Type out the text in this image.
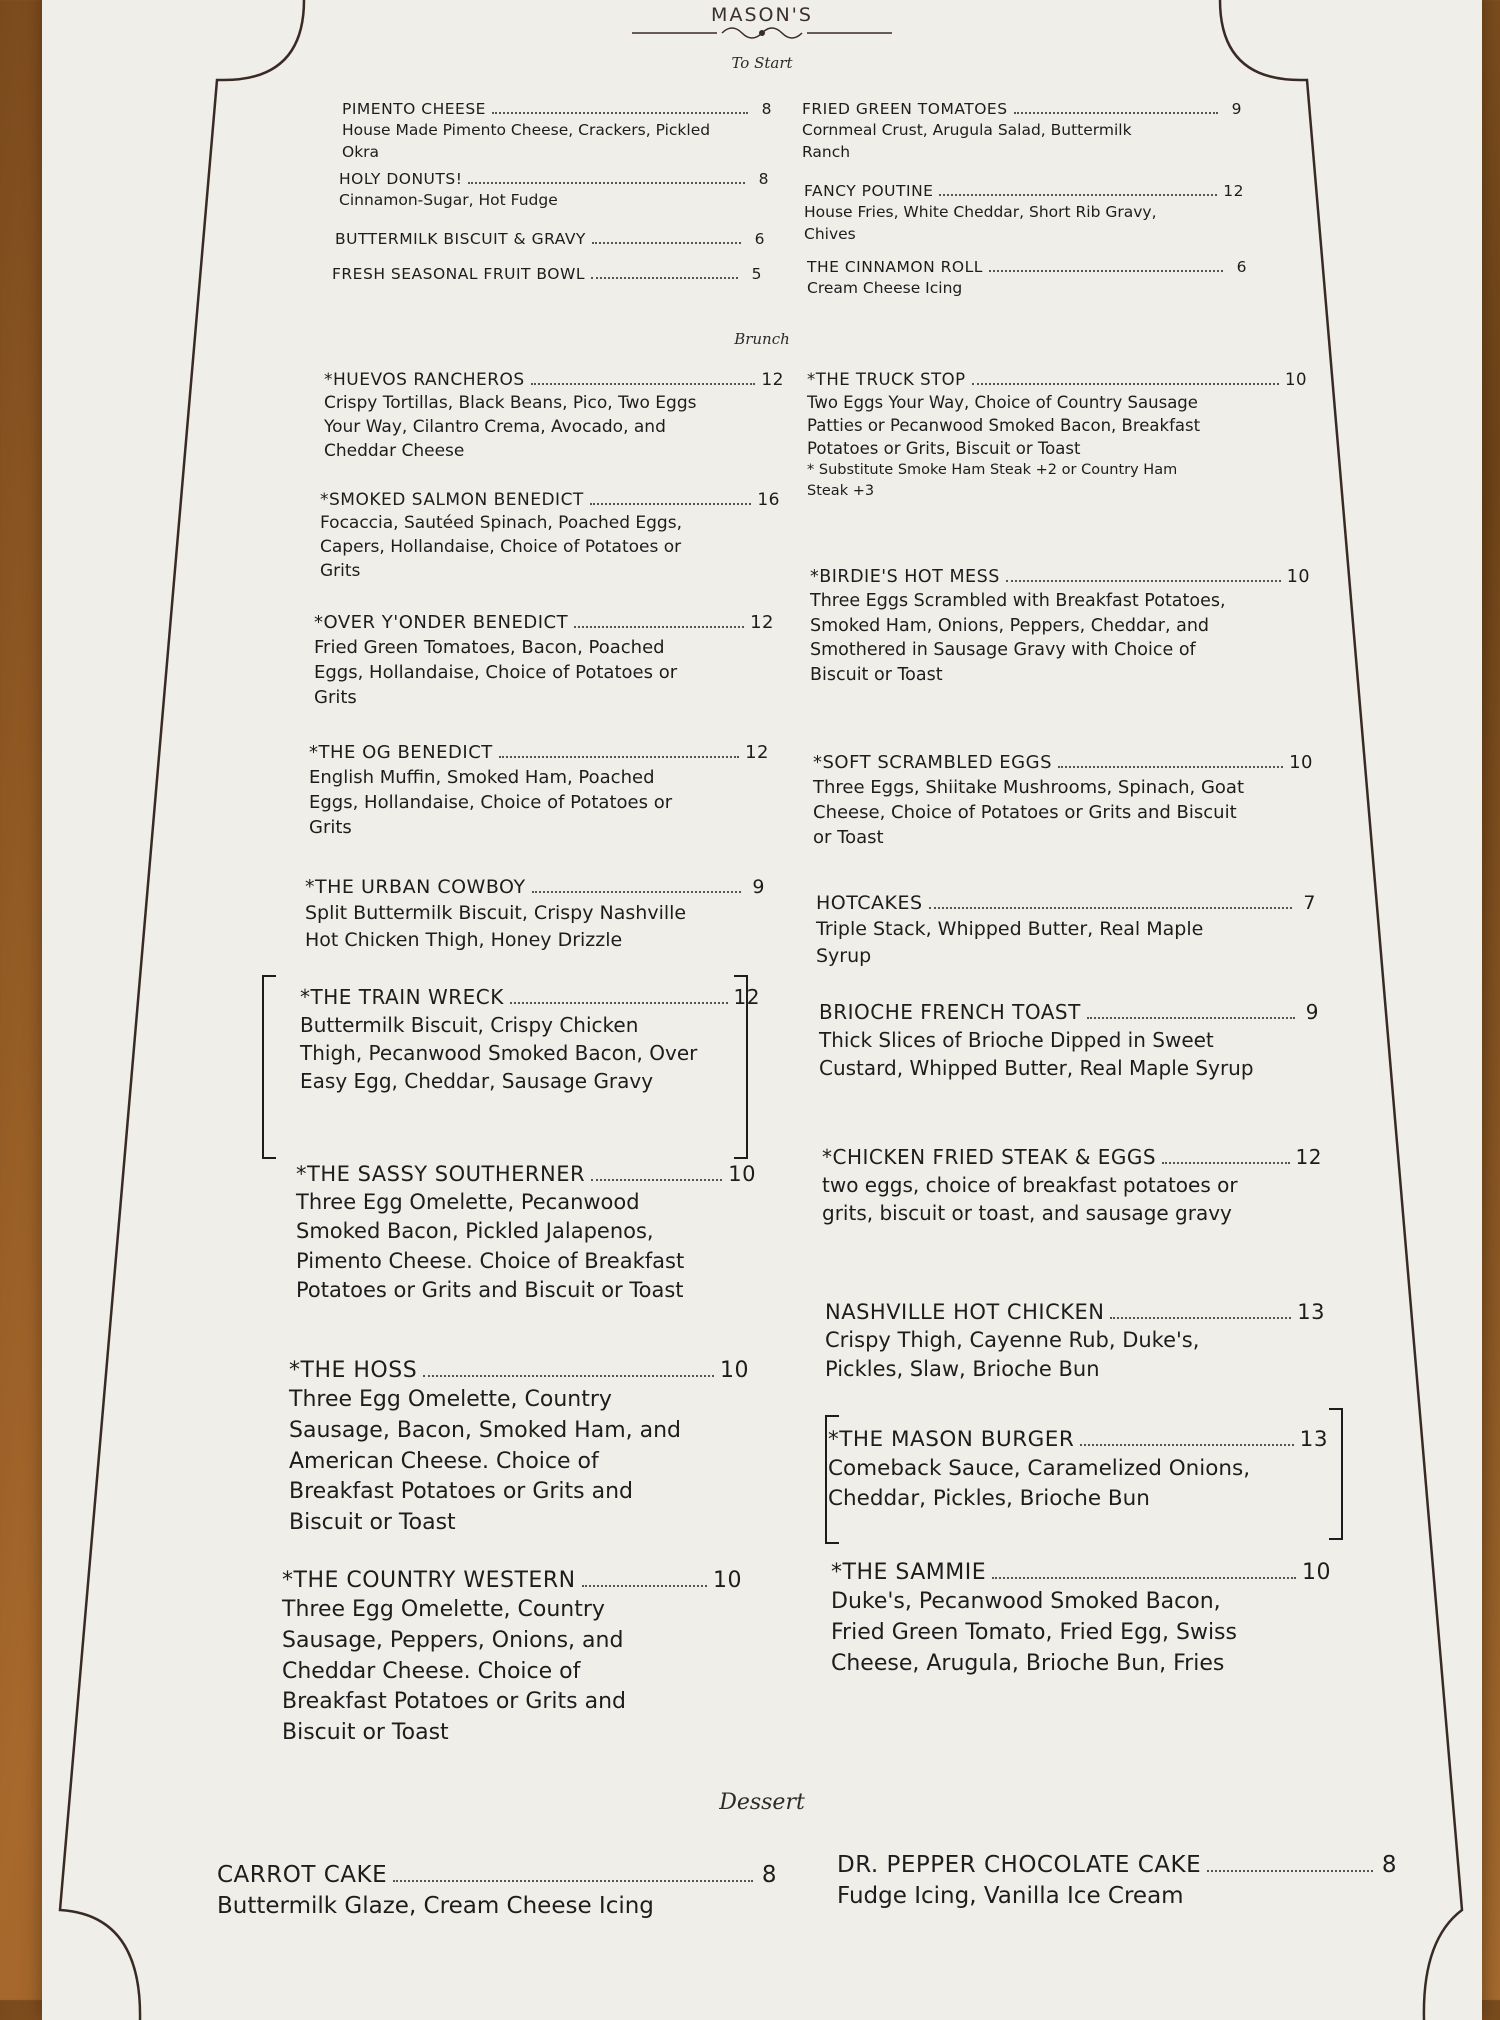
MASON'S
To Start
Brunch
Dessert
PIMENTO CHEESE	8
House Made Pimento Cheese, Crackers, Pickled Okra
HOLY DONUTS!	8
Cinnamon-Sugar, Hot Fudge
BUTTERMILK BISCUIT & GRAVY	6
FRESH SEASONAL FRUIT BOWL	5
FRIED GREEN TOMATOES	9
Cornmeal Crust, Arugula Salad, Buttermilk Ranch
FANCY POUTINE	12
House Fries, White Cheddar, Short Rib Gravy, Chives
THE CINNAMON ROLL	6
Cream Cheese Icing
*HUEVOS RANCHEROS	12
Crispy Tortillas, Black Beans, Pico, Two Eggs Your Way, Cilantro Crema, Avocado, and Cheddar Cheese
*SMOKED SALMON BENEDICT	16
Focaccia, Sautéed Spinach, Poached Eggs, Capers, Hollandaise, Choice of Potatoes or Grits
*OVER Y'ONDER BENEDICT	12
Fried Green Tomatoes, Bacon, Poached Eggs, Hollandaise, Choice of Potatoes or Grits
*THE OG BENEDICT	12
English Muffin, Smoked Ham, Poached Eggs, Hollandaise, Choice of Potatoes or Grits
*THE URBAN COWBOY	9
Split Buttermilk Biscuit, Crispy Nashville Hot Chicken Thigh, Honey Drizzle
*THE TRAIN WRECK	12
Buttermilk Biscuit, Crispy Chicken Thigh, Pecanwood Smoked Bacon, Over Easy Egg, Cheddar, Sausage Gravy
*THE SASSY SOUTHERNER	10
Three Egg Omelette, Pecanwood Smoked Bacon, Pickled Jalapenos, Pimento Cheese. Choice of Breakfast Potatoes or Grits and Biscuit or Toast
*THE HOSS	10
Three Egg Omelette, Country Sausage, Bacon, Smoked Ham, and American Cheese. Choice of Breakfast Potatoes or Grits and Biscuit or Toast
*THE COUNTRY WESTERN	10
Three Egg Omelette, Country Sausage, Peppers, Onions, and Cheddar Cheese. Choice of Breakfast Potatoes or Grits and Biscuit or Toast
*THE TRUCK STOP	10
Two Eggs Your Way, Choice of Country Sausage Patties or Pecanwood Smoked Bacon, Breakfast Potatoes or Grits, Biscuit or Toast
* Substitute Smoke Ham Steak +2 or Country Ham Steak +3
*BIRDIE'S HOT MESS	10
Three Eggs Scrambled with Breakfast Potatoes, Smoked Ham, Onions, Peppers, Cheddar, and Smothered in Sausage Gravy with Choice of Biscuit or Toast
*SOFT SCRAMBLED EGGS	10
Three Eggs, Shiitake Mushrooms, Spinach, Goat Cheese, Choice of Potatoes or Grits and Biscuit or Toast
HOTCAKES	7
Triple Stack, Whipped Butter, Real Maple Syrup
BRIOCHE FRENCH TOAST	9
Thick Slices of Brioche Dipped in Sweet Custard, Whipped Butter, Real Maple Syrup
*CHICKEN FRIED STEAK & EGGS	12
two eggs, choice of breakfast potatoes or grits, biscuit or toast, and sausage gravy
NASHVILLE HOT CHICKEN	13
Crispy Thigh, Cayenne Rub, Duke's, Pickles, Slaw, Brioche Bun
*THE MASON BURGER	13
Comeback Sauce, Caramelized Onions, Cheddar, Pickles, Brioche Bun
*THE SAMMIE	10
Duke's, Pecanwood Smoked Bacon, Fried Green Tomato, Fried Egg, Swiss Cheese, Arugula, Brioche Bun, Fries
CARROT CAKE	8
Buttermilk Glaze, Cream Cheese Icing
DR. PEPPER CHOCOLATE CAKE	8
Fudge Icing, Vanilla Ice Cream
